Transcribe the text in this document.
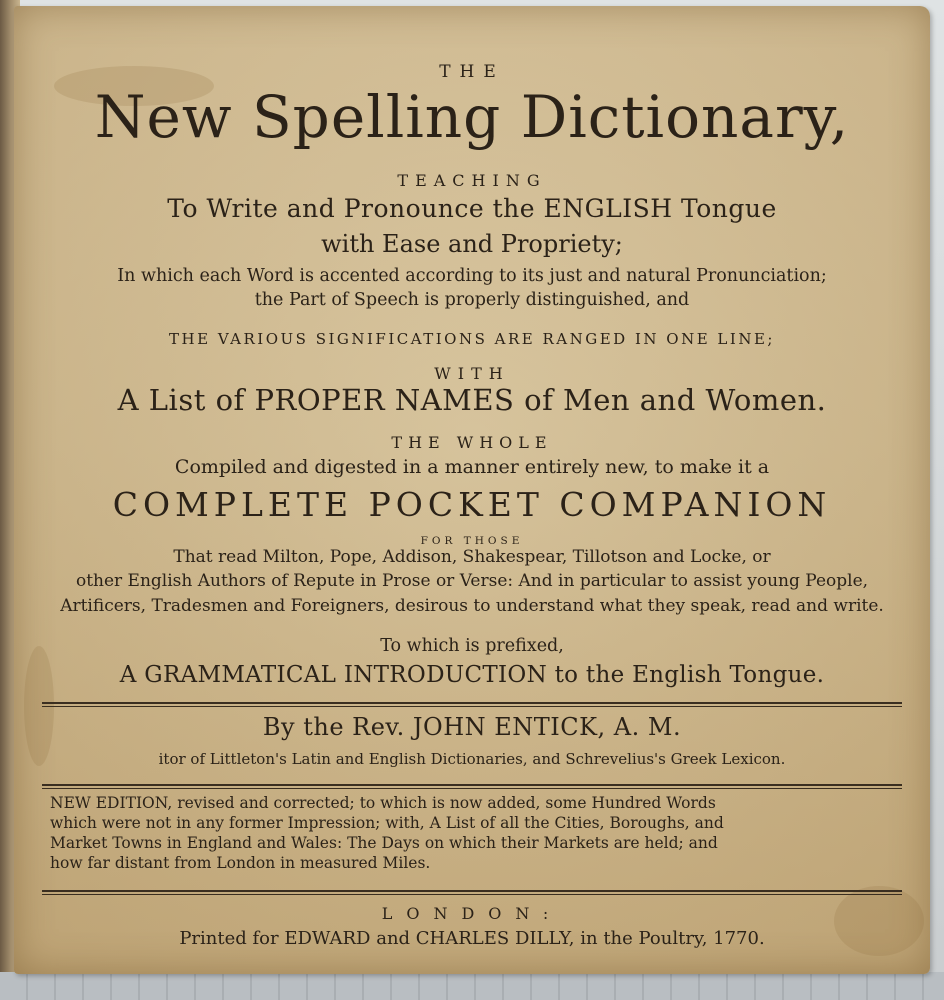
THE
New Spelling Dictionary,
TEACHING
To Write and Pronounce the ENGLISH Tongue
with Ease and Propriety;
In which each Word is accented according to its just and natural Pronunciation;
the Part of Speech is properly distinguished, and
THE VARIOUS SIGNIFICATIONS ARE RANGED IN ONE LINE;
WITH
A List of PROPER NAMES of Men and Women.
THE WHOLE
Compiled and digested in a manner entirely new, to make it a
COMPLETE POCKET COMPANION
FOR THOSE
That read Milton, Pope, Addison, Shakespear, Tillotson and Locke, or
other English Authors of Repute in Prose or Verse: And in particular to assist young People,
Artificers, Tradesmen and Foreigners, desirous to understand what they speak, read and write.
To which is prefixed,
A GRAMMATICAL INTRODUCTION to the English Tongue.
By the Rev. JOHN ENTICK, A. M.
itor of Littleton's Latin and English Dictionaries, and Schrevelius's Greek Lexicon.
NEW EDITION, revised and corrected; to which is now added, some Hundred Words
which were not in any former Impression; with, A List of all the Cities, Boroughs, and
Market Towns in England and Wales: The Days on which their Markets are held; and
how far distant from London in measured Miles.
LONDON:
Printed for EDWARD and CHARLES DILLY, in the Poultry, 1770.
